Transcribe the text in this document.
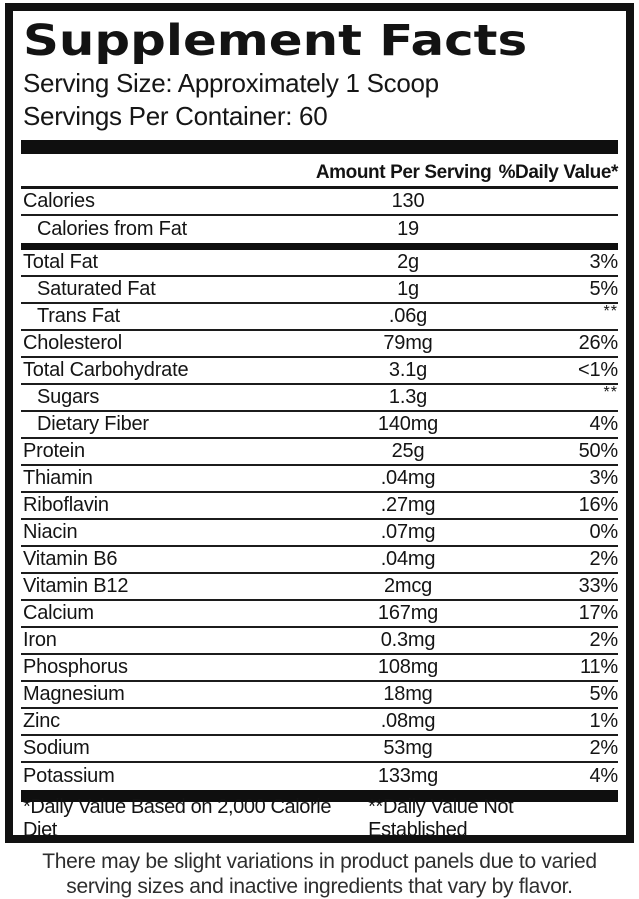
Supplement Facts
Serving Size: Approximately 1 Scoop
Servings Per Container: 60
Amount Per Serving %Daily Value*
Calories	130
Calories from Fat	19
Total Fat	2g	3%
Saturated Fat	1g	5%
Trans Fat	.06g	**
Cholesterol	79mg	26%
Total Carbohydrate	3.1g	<1%
Sugars	1.3g	**
Dietary Fiber	140mg	4%
Protein	25g	50%
Thiamin	.04mg	3%
Riboflavin	.27mg	16%
Niacin	.07mg	0%
Vitamin B6	.04mg	2%
Vitamin B12	2mcg	33%
Calcium	167mg	17%
Iron	0.3mg	2%
Phosphorus	108mg	11%
Magnesium	18mg	5%
Zinc	.08mg	1%
Sodium	53mg	2%
Potassium	133mg	4%
*Daily Value Based on 2,000 Calorie Diet
**Daily Value Not Established
There may be slight variations in product panels due to varied
serving sizes and inactive ingredients that vary by flavor.
